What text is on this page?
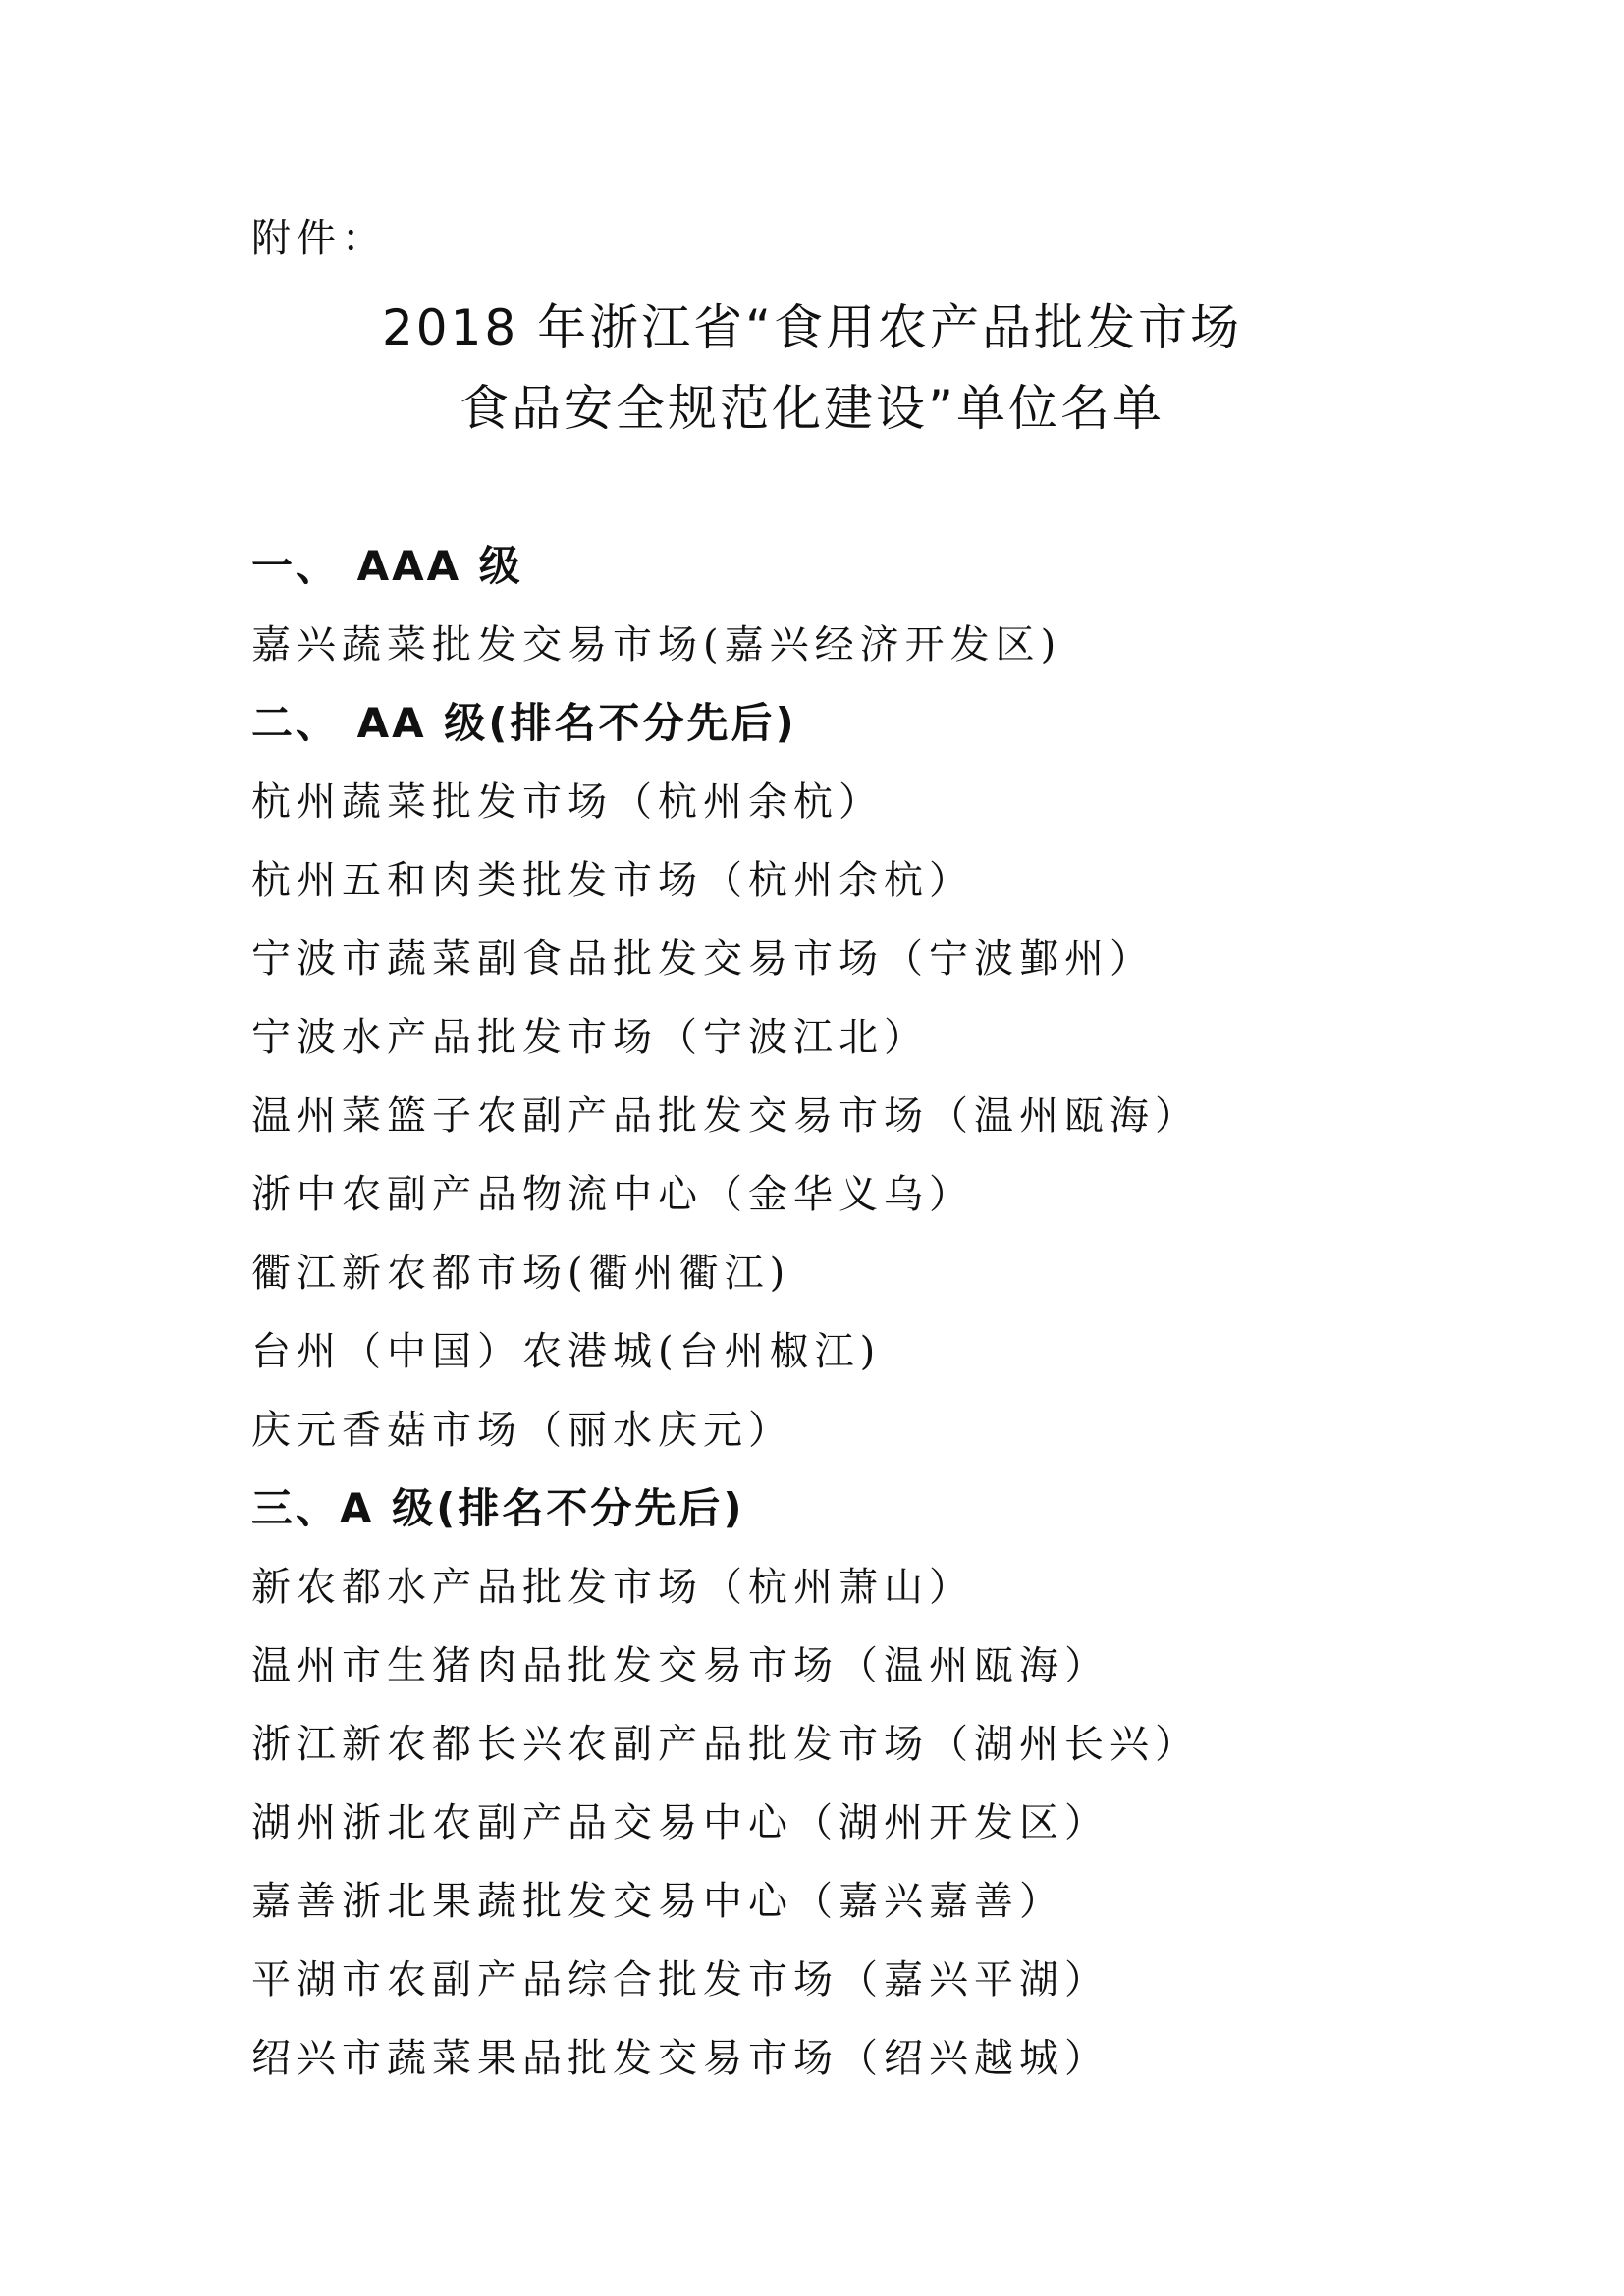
附件：
2018 年浙江省“食用农产品批发市场
食品安全规范化建设”单位名单
一、 AAA 级
嘉兴蔬菜批发交易市场(嘉兴经济开发区)
二、 AA 级(排名不分先后)
杭州蔬菜批发市场（杭州余杭）
杭州五和肉类批发市场（杭州余杭）
宁波市蔬菜副食品批发交易市场（宁波鄞州）
宁波水产品批发市场（宁波江北）
温州菜篮子农副产品批发交易市场（温州瓯海）
浙中农副产品物流中心（金华义乌）
衢江新农都市场(衢州衢江)
台州（中国）农港城(台州椒江)
庆元香菇市场（丽水庆元）
三、A 级(排名不分先后)
新农都水产品批发市场（杭州萧山）
温州市生猪肉品批发交易市场（温州瓯海）
浙江新农都长兴农副产品批发市场（湖州长兴）
湖州浙北农副产品交易中心（湖州开发区）
嘉善浙北果蔬批发交易中心（嘉兴嘉善）
平湖市农副产品综合批发市场（嘉兴平湖）
绍兴市蔬菜果品批发交易市场（绍兴越城）
